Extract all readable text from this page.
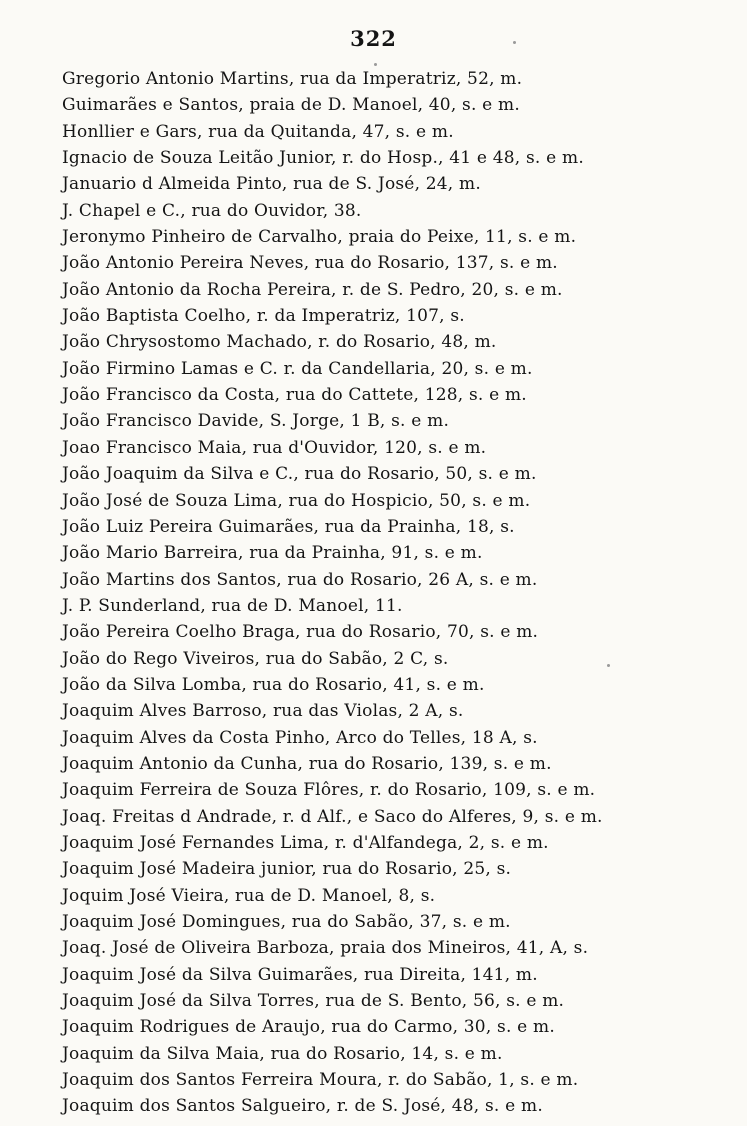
322
Gregorio Antonio Martins, rua da Imperatriz, 52, m.
Guimarães e Santos, praia de D. Manoel, 40, s. e m.
Honllier e Gars, rua da Quitanda, 47, s. e m.
Ignacio de Souza Leitão Junior, r. do Hosp., 41 e 48, s. e m.
Januario d Almeida Pinto, rua de S. José, 24, m.
J. Chapel e C., rua do Ouvidor, 38.
Jeronymo Pinheiro de Carvalho, praia do Peixe, 11, s. e m.
João Antonio Pereira Neves, rua do Rosario, 137, s. e m.
João Antonio da Rocha Pereira, r. de S. Pedro, 20, s. e m.
João Baptista Coelho, r. da Imperatriz, 107, s.
João Chrysostomo Machado, r. do Rosario, 48, m.
João Firmino Lamas e C. r. da Candellaria, 20, s. e m.
João Francisco da Costa, rua do Cattete, 128, s. e m.
João Francisco Davide, S. Jorge, 1 B, s. e m.
Joao Francisco Maia, rua d'Ouvidor, 120, s. e m.
João Joaquim da Silva e C., rua do Rosario, 50, s. e m.
João José de Souza Lima, rua do Hospicio, 50, s. e m.
João Luiz Pereira Guimarães, rua da Prainha, 18, s.
João Mario Barreira, rua da Prainha, 91, s. e m.
João Martins dos Santos, rua do Rosario, 26 A, s. e m.
J. P. Sunderland, rua de D. Manoel, 11.
João Pereira Coelho Braga, rua do Rosario, 70, s. e m.
João do Rego Viveiros, rua do Sabão, 2 C, s.
João da Silva Lomba, rua do Rosario, 41, s. e m.
Joaquim Alves Barroso, rua das Violas, 2 A, s.
Joaquim Alves da Costa Pinho, Arco do Telles, 18 A, s.
Joaquim Antonio da Cunha, rua do Rosario, 139, s. e m.
Joaquim Ferreira de Souza Flôres, r. do Rosario, 109, s. e m.
Joaq. Freitas d Andrade, r. d Alf., e Saco do Alferes, 9, s. e m.
Joaquim José Fernandes Lima, r. d'Alfandega, 2, s. e m.
Joaquim José Madeira junior, rua do Rosario, 25, s.
Joquim José Vieira, rua de D. Manoel, 8, s.
Joaquim José Domingues, rua do Sabão, 37, s. e m.
Joaq. José de Oliveira Barboza, praia dos Mineiros, 41, A, s.
Joaquim José da Silva Guimarães, rua Direita, 141, m.
Joaquim José da Silva Torres, rua de S. Bento, 56, s. e m.
Joaquim Rodrigues de Araujo, rua do Carmo, 30, s. e m.
Joaquim da Silva Maia, rua do Rosario, 14, s. e m.
Joaquim dos Santos Ferreira Moura, r. do Sabão, 1, s. e m.
Joaquim dos Santos Salgueiro, r. de S. José, 48, s. e m.
